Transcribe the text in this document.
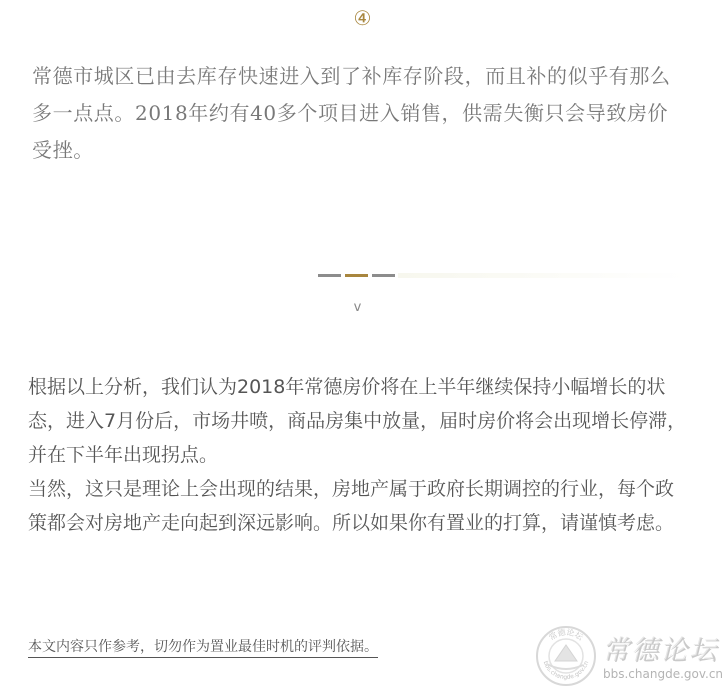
④

常德市城区已由去库存快速进入到了补库存阶段，而且补的似乎有那么多一点点。2018年约有40多个项目进入销售，供需失衡只会导致房价受挫。

v

根据以上分析，我们认为2018年常德房价将在上半年继续保持小幅增长的状态，进入7月份后，市场井喷，商品房集中放量，届时房价将会出现增长停滞，并在下半年出现拐点。

当然，这只是理论上会出现的结果，房地产属于政府长期调控的行业，每个政策都会对房地产走向起到深远影响。所以如果你有置业的打算，请谨慎考虑。

本文内容只作参考，切勿作为置业最佳时机的评判依据。
常德论坛
bbs.changde.gov.cn 常德论坛
bbs.changde.gov.cn
